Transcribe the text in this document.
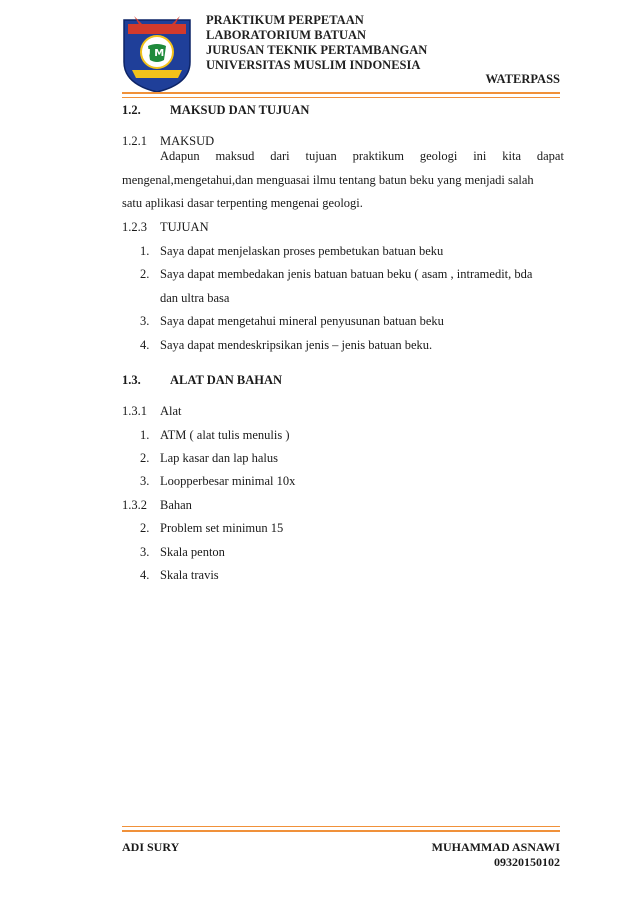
U M I
PRAKTIKUM PERPETAAN
LABORATORIUM BATUAN
JURUSAN TEKNIK PERTAMBANGAN
UNIVERSITAS MUSLIM INDONESIA
WATERPASS
1.2. MAKSUD DAN TUJUAN
1.2.1 MAKSUD
Adapun maksud dari tujuan praktikum geologi ini kita dapat
mengenal,mengetahui,dan menguasai ilmu tentang batun beku yang menjadi salah
satu aplikasi dasar terpenting mengenai geologi.
1.2.3 TUJUAN
1. Saya dapat menjelaskan proses pembetukan batuan beku
2. Saya dapat membedakan jenis batuan batuan beku ( asam , intramedit, bda
dan ultra basa
3. Saya dapat mengetahui mineral penyusunan batuan beku
4. Saya dapat mendeskripsikan jenis – jenis batuan beku.
1.3. ALAT DAN BAHAN
1.3.1 Alat
1. ATM ( alat tulis menulis )
2. Lap kasar dan lap halus
3. Loopperbesar minimal 10x
1.3.2 Bahan
2. Problem set minimun 15
3. Skala penton
4. Skala travis
ADI SURY	MUHAMMAD ASNAWI
09320150102
